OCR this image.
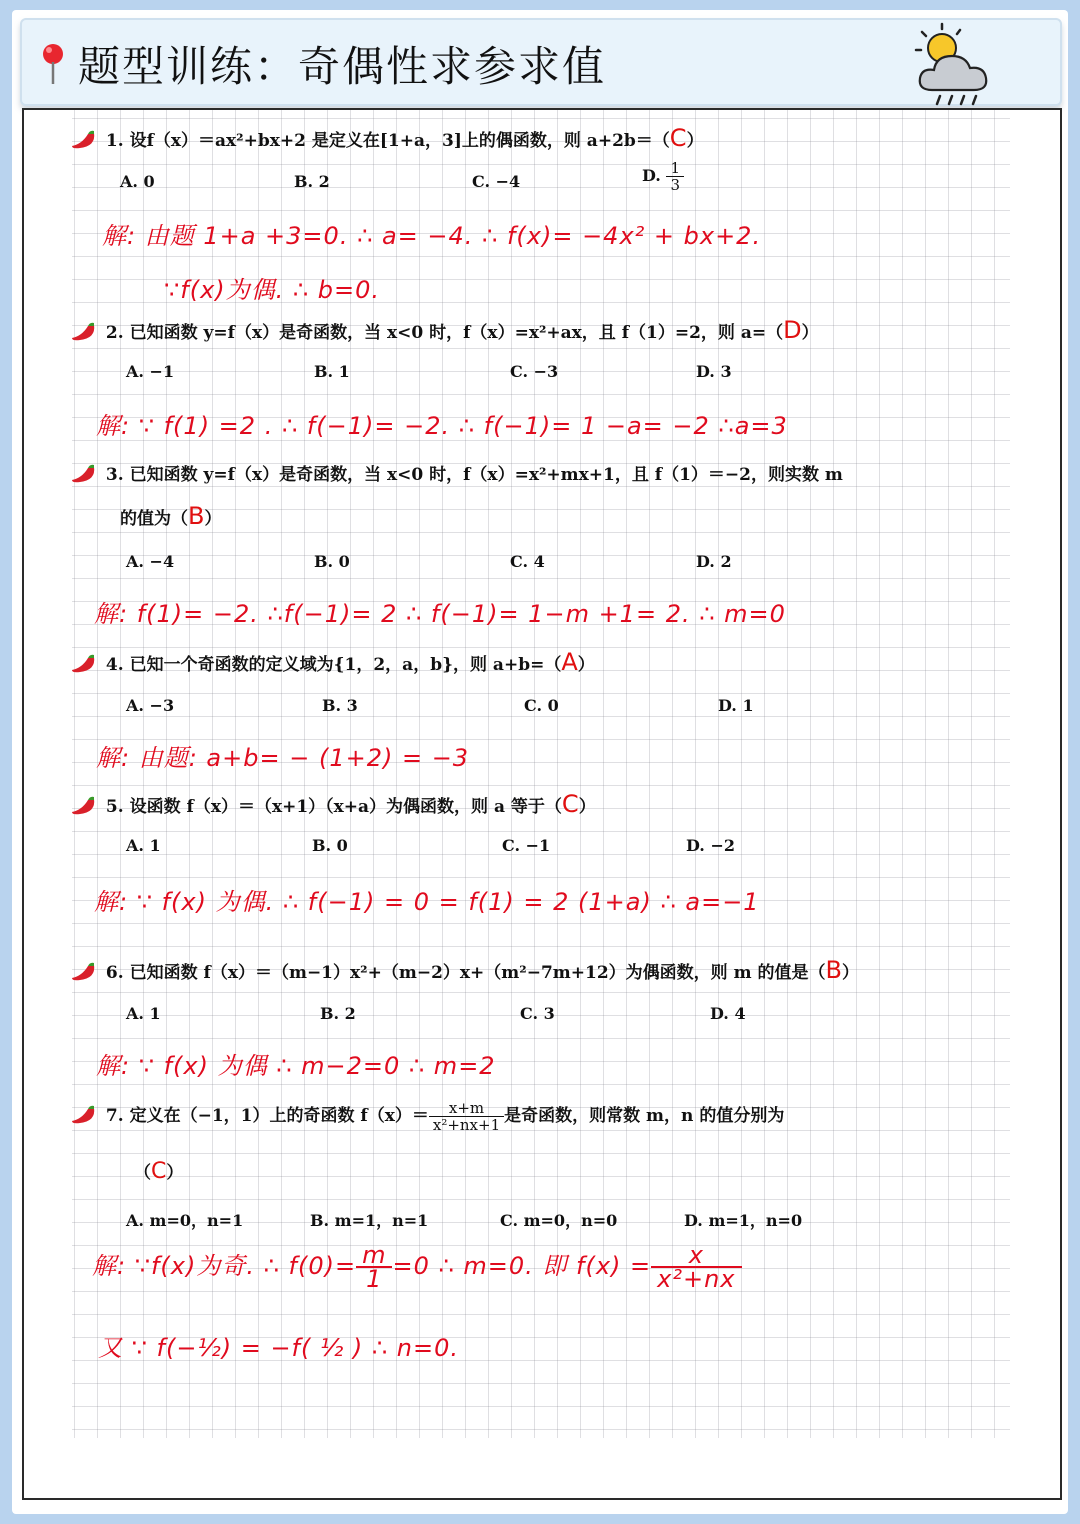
题型训练：奇偶性求参求值
1. 设f（x）＝ax²+bx+2 是定义在[1+a，3]上的偶函数，则 a+2b＝（C）
A. 0	B. 2	C. −4	D. $\frac{1}{3}$
解: 由题 1+a +3=0. ∴ a= −4. ∴ f(x)= −4x² + bx+2.
∵f(x)为偶. ∴ b=0.
2. 已知函数 y=f（x）是奇函数，当 x<0 时，f（x）=x²+ax，且 f（1）=2，则 a=（D）
A. −1	B. 1	C. −3	D. 3
解: ∵ f(1) =2 . ∴ f(−1)= −2. ∴ f(−1)= 1 −a= −2 ∴a=3
3. 已知函数 y=f（x）是奇函数，当 x<0 时，f（x）=x²+mx+1，且 f（1）＝−2，则实数 m
的值为（B）
A. −4	B. 0	C. 4	D. 2
解: f(1)= −2. ∴f(−1)= 2 ∴ f(−1)= 1−m +1= 2. ∴ m=0
4. 已知一个奇函数的定义域为{1，2，a，b}，则 a+b=（A）
A. −3	B. 3	C. 0	D. 1
解: 由题: a+b= − (1+2) = −3
5. 设函数 f（x）＝（x+1）（x+a）为偶函数，则 a 等于（C）
A. 1	B. 0	C. −1	D. −2
解: ∵ f(x) 为偶. ∴ f(−1) = 0 = f(1) = 2 (1+a) ∴ a=−1
6. 已知函数 f（x）＝（m−1）x²+（m−2）x+（m²−7m+12）为偶函数，则 m 的值是（B）
A. 1	B. 2	C. 3	D. 4
解: ∵ f(x) 为偶 ∴ m−2=0 ∴ m=2
7. 定义在（−1，1）上的奇函数 $f(x)= \frac{x+m}{\text{x²+nx+1}}$ 是奇函数，则常数 m，n 的值分别为
（C）
A. m=0，n=1	B. m=1，n=1	C. m=0，n=0	D. m=1，n=0
解: ∵f(x)为奇. ∴ $f(0)= \frac{m}{1} =0$ ∴ m=0. 即 $f(x) = \frac{x}{\text{x²+nx}}$
又 ∵ f(−½) = −f( ½ ) ∴ n=0.
